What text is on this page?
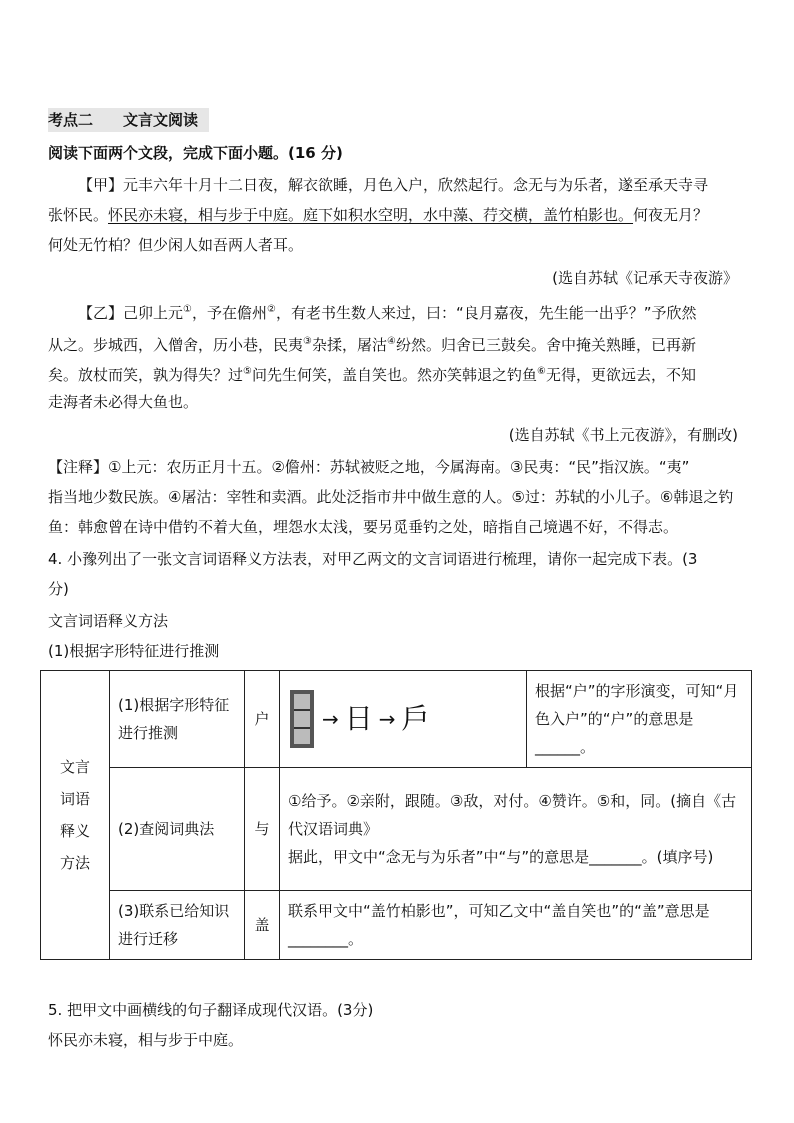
考点二 文言文阅读
阅读下面两个文段，完成下面小题。(16 分)
【甲】元丰六年十月十二日夜，解衣欲睡，月色入户，欣然起行。念无与为乐者，遂至承天寺寻
张怀民。怀民亦未寝，相与步于中庭。庭下如积水空明，水中藻、荇交横，盖竹柏影也。何夜无月？
何处无竹柏？但少闲人如吾两人者耳。
(选自苏轼《记承天寺夜游》
【乙】己卯上元①，予在儋州②，有老书生数人来过，曰：“良月嘉夜，先生能一出乎？”予欣然
从之。步城西，入僧舍，历小巷，民夷③杂揉，屠沽④纷然。归舍已三鼓矣。舍中掩关熟睡，已再新
矣。放杖而笑，孰为得失？过⑤问先生何笑，盖自笑也。然亦笑韩退之钓鱼⑥无得，更欲远去，不知
走海者未必得大鱼也。
(选自苏轼《书上元夜游》，有删改)
【注释】①上元：农历正月十五。②儋州：苏轼被贬之地，今属海南。③民夷：“民”指汉族。“夷”
指当地少数民族。④屠沽：宰牲和卖酒。此处泛指市井中做生意的人。⑤过：苏轼的小儿子。⑥韩退之钓
鱼：韩愈曾在诗中借钓不着大鱼，埋怨水太浅，要另觅垂钓之处，暗指自己境遇不好，不得志。
4. 小豫列出了一张文言词语释义方法表，对甲乙两文的文言词语进行梳理，请你一起完成下表。(3
分)
文言词语释义方法
(1)根据字形特征进行推测
文言词语释义方法	(1)根据字形特征进行推测	户	→ 日 → 戶	根据“户”的字形演变，可知“月色入户”的“户”的意思是______。
	(2)查阅词典法	与	①给予。②亲附，跟随。③敌，对付。④赞许。⑤和，同。(摘自《古代汉语词典》
据此，甲文中“念无与为乐者”中“与”的意思是_______。(填序号)	

	(3)联系已给知识进行迁移	盖	联系甲文中“盖竹柏影也”，可知乙文中“盖自笑也”的“盖”意思是________。	
5. 把甲文中画横线的句子翻译成现代汉语。(3分)
怀民亦未寝，相与步于中庭。
